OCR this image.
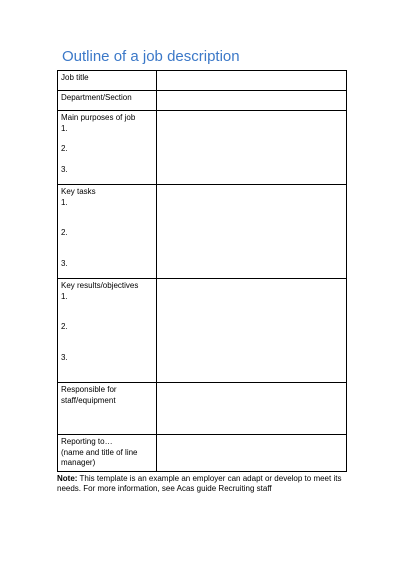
Outline of a job description
Job title	
Department/Section	

Main purposes of job
1.
2.
3.	

Key tasks
1.
2.
3.	

Key results/objectives
1.
2.
3.	

Responsible for staff/equipment	

Reporting to…
(name and title of line manager)	

Note: This template is an example an employer can adapt or develop to meet its needs. For more information, see Acas guide Recruiting staff
